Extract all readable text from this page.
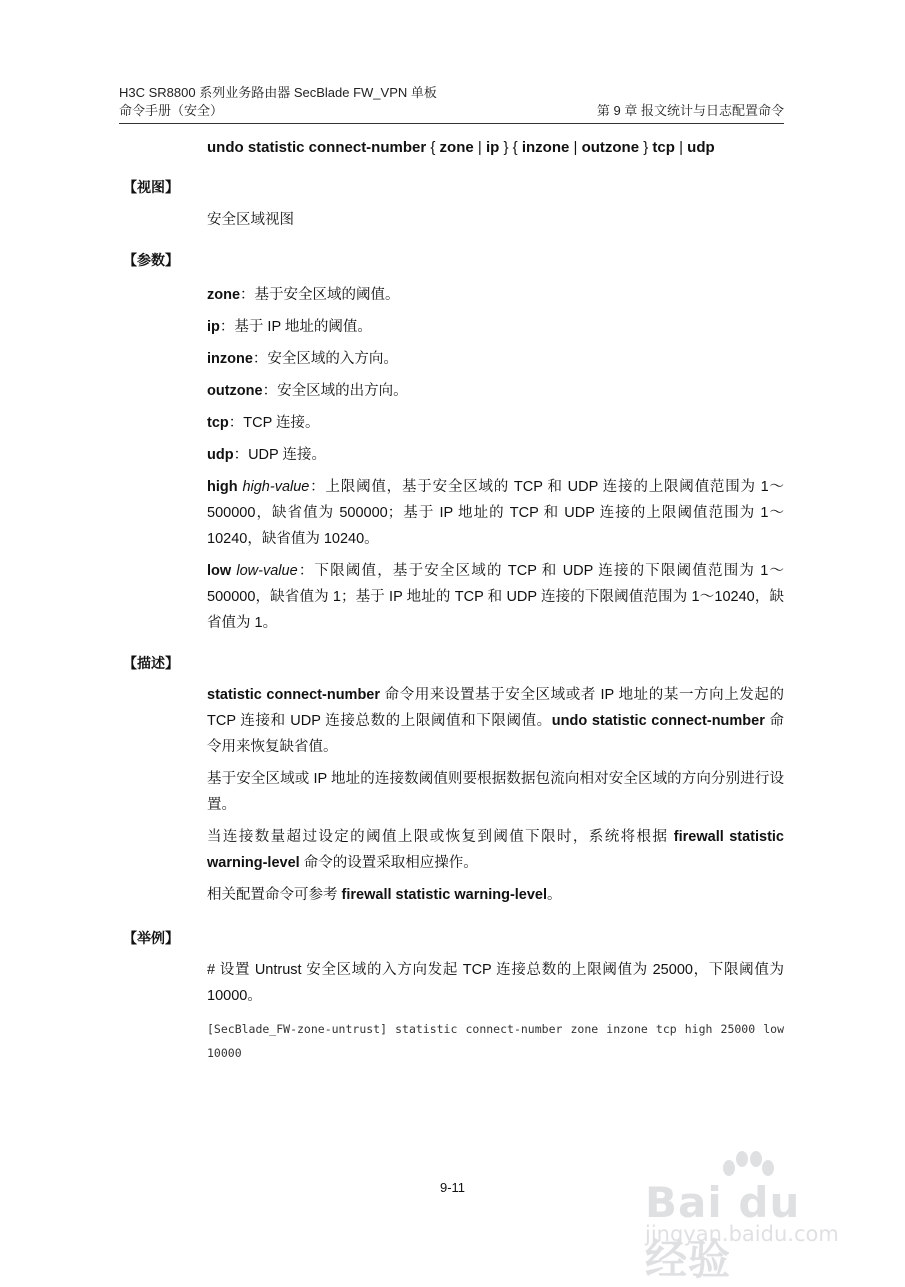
H3C SR8800 系列业务路由器 SecBlade FW_VPN 单板
命令手册（安全）	第 9 章 报文统计与日志配置命令
undo statistic connect-number { zone | ip } { inzone | outzone } tcp | udp
【视图】
安全区域视图
【参数】
zone：基于安全区域的阈值。
ip：基于 IP 地址的阈值。
inzone：安全区域的入方向。
outzone：安全区域的出方向。
tcp：TCP 连接。
udp：UDP 连接。
high high-value：上限阈值，基于安全区域的 TCP 和 UDP 连接的上限阈值范围为 1～500000，缺省值为 500000；基于 IP 地址的 TCP 和 UDP 连接的上限阈值范围为 1～10240，缺省值为 10240。
low low-value：下限阈值，基于安全区域的 TCP 和 UDP 连接的下限阈值范围为 1～500000，缺省值为 1；基于 IP 地址的 TCP 和 UDP 连接的下限阈值范围为 1～10240，缺省值为 1。
【描述】
statistic connect-number 命令用来设置基于安全区域或者 IP 地址的某一方向上发起的 TCP 连接和 UDP 连接总数的上限阈值和下限阈值。undo statistic connect-number 命令用来恢复缺省值。
基于安全区域或 IP 地址的连接数阈值则要根据数据包流向相对安全区域的方向分别进行设置。
当连接数量超过设定的阈值上限或恢复到阈值下限时，系统将根据 firewall statistic warning-level 命令的设置采取相应操作。
相关配置命令可参考 firewall statistic warning-level。
【举例】
# 设置 Untrust 安全区域的入方向发起 TCP 连接总数的上限阈值为 25000，下限阈值为 10000。
[SecBlade_FW-zone-untrust] statistic connect-number zone inzone tcp high 25000 low 10000
9-11	Bai du 经验
jingyan.baidu.com
